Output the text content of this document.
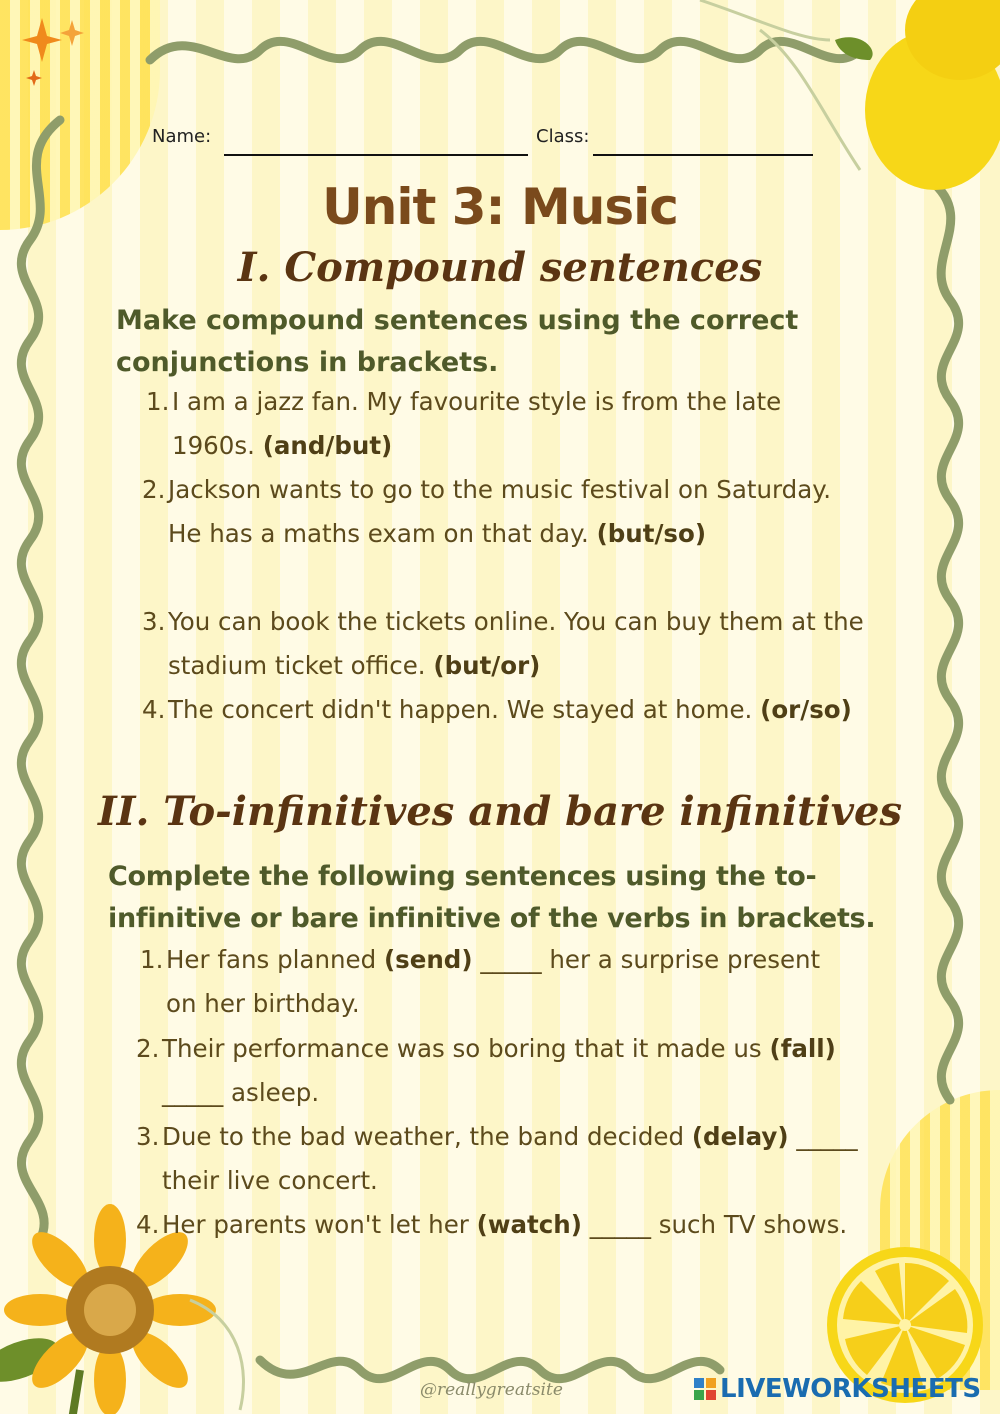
Name:	Class:
Unit 3: Music
I. Compound sentences
Make compound sentences using the correct conjunctions in brackets.
1. I am a jazz fan. My favourite style is from the late 1960s. (and/but)
2. Jackson wants to go to the music festival on Saturday. He has a maths exam on that day. (but/so)
3. You can book the tickets online. You can buy them at the stadium ticket office. (but/or)
4. The concert didn't happen. We stayed at home. (or/so)
II. To-infinitives and bare infinitives
Complete the following sentences using the to-infinitive or bare infinitive of the verbs in brackets.
1. Her fans planned (send) _____ her a surprise present on her birthday.
2. Their performance was so boring that it made us (fall) _____ asleep.
3. Due to the bad weather, the band decided (delay) _____ their live concert.
4. Her parents won't let her (watch) _____ such TV shows.
@reallygreatsite	LIVEWORKSHEETS
